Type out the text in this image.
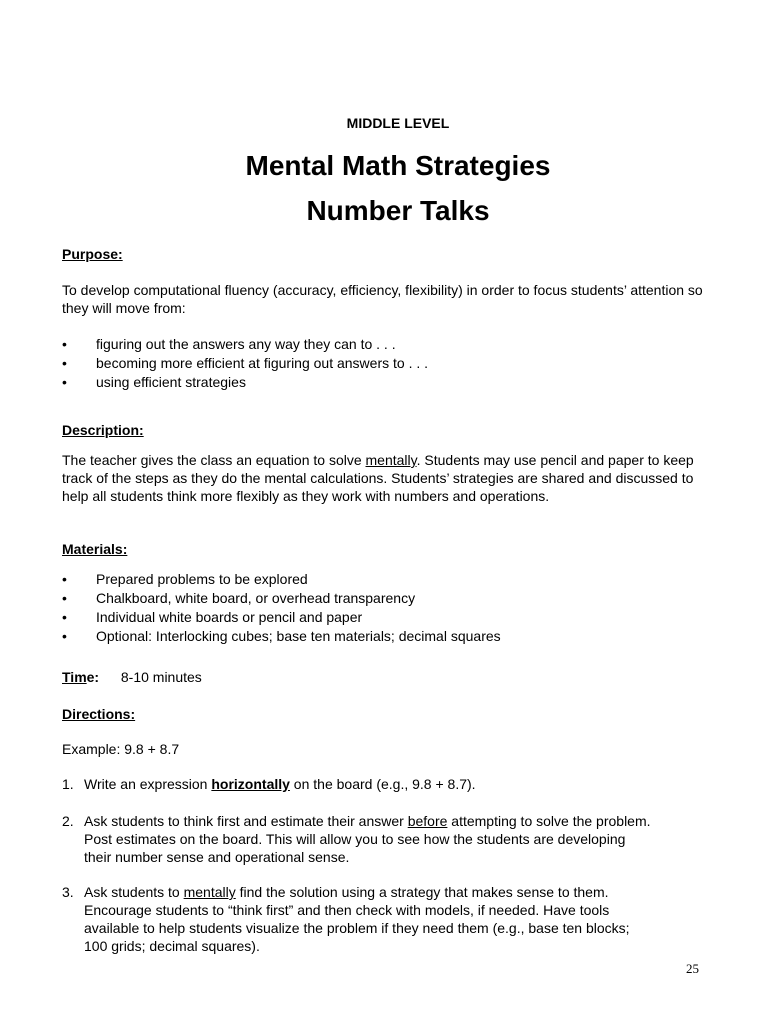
MIDDLE LEVEL
Mental Math Strategies
Number Talks
Purpose:
To develop computational fluency (accuracy, efficiency, flexibility) in order to focus students’ attention so they will move from:
• figuring out the answers any way they can to . . .
• becoming more efficient at figuring out answers to . . .
• using efficient strategies
Description:
The teacher gives the class an equation to solve mentally. Students may use pencil and paper to keep track of the steps as they do the mental calculations. Students’ strategies are shared and discussed to help all students think more flexibly as they work with numbers and operations.
Materials:
• Prepared problems to be explored
• Chalkboard, white board, or overhead transparency
• Individual white boards or pencil and paper
• Optional: Interlocking cubes; base ten materials; decimal squares
Time: 8-10 minutes
Directions:
Example: 9.8 + 8.7
1. Write an expression horizontally on the board (e.g., 9.8 + 8.7).
2. Ask students to think first and estimate their answer before attempting to solve the problem.
Post estimates on the board. This will allow you to see how the students are developing
their number sense and operational sense.
3. Ask students to mentally find the solution using a strategy that makes sense to them.
Encourage students to “think first” and then check with models, if needed. Have tools
available to help students visualize the problem if they need them (e.g., base ten blocks;
100 grids; decimal squares).
25
